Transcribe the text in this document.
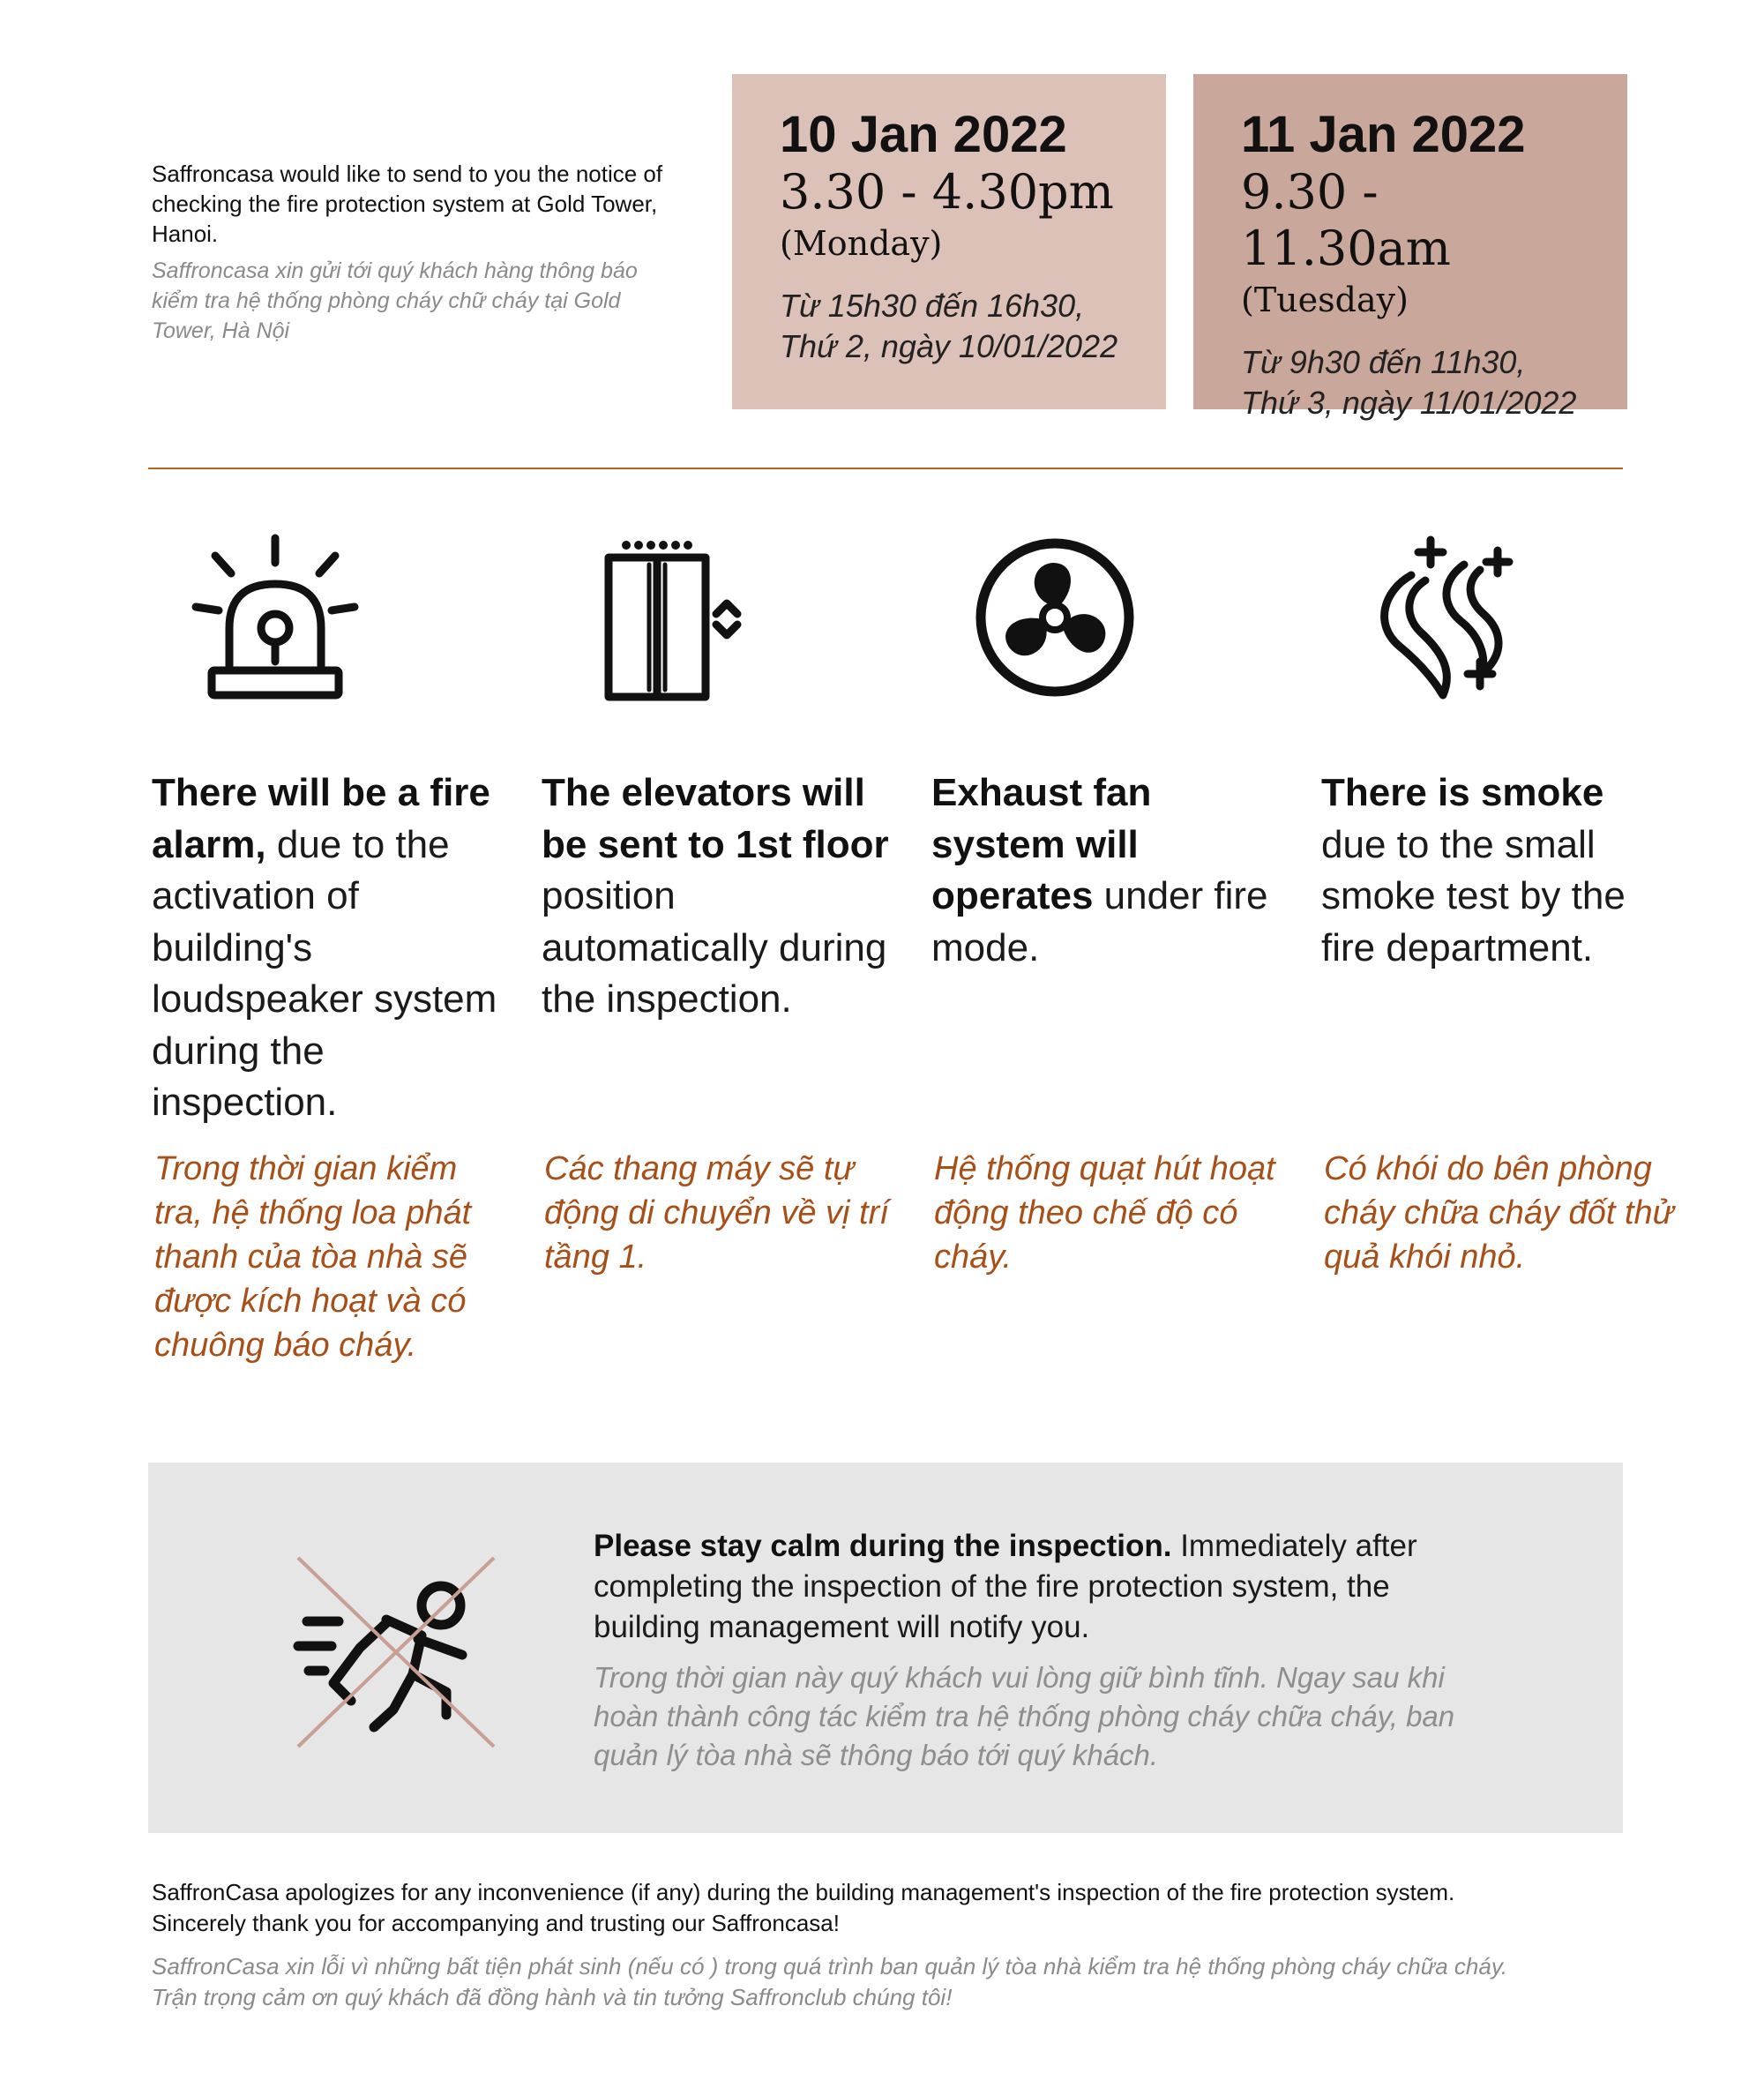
Saffroncasa would like to send to you the notice of checking the fire protection system at Gold Tower, Hanoi.

Saffroncasa xin gửi tới quý khách hàng thông báo kiểm tra hệ thống phòng cháy chữ cháy tại Gold Tower, Hà Nội

10 Jan 2022

3.30 - 4.30pm

(Monday)

Từ 15h30 đến 16h30,

Thứ 2, ngày 10/01/2022

11 Jan 2022

9.30 - 11.30am

(Tuesday)

Từ 9h30 đến 11h30,

Thứ 3, ngày 11/01/2022

There will be a fire alarm, due to the activation of building's loudspeaker system during the inspection.

Trong thời gian kiểm tra, hệ thống loa phát thanh của tòa nhà sẽ được kích hoạt và có chuông báo cháy.

The elevators will be sent to 1st floor position automatically during the inspection.

Các thang máy sẽ tự động di chuyển về vị trí tầng 1.

Exhaust fan system will operates under fire mode.

Hệ thống quạt hút hoạt động theo chế độ có cháy.

There is smoke due to the small smoke test by the fire department.

Có khói do bên phòng cháy chữa cháy đốt thử quả khói nhỏ.

Please stay calm during the inspection. Immediately after completing the inspection of the fire protection system, the building management will notify you.

Trong thời gian này quý khách vui lòng giữ bình tĩnh. Ngay sau khi hoàn thành công tác kiểm tra hệ thống phòng cháy chữa cháy, ban quản lý tòa nhà sẽ thông báo tới quý khách.

SaffronCasa apologizes for any inconvenience (if any) during the building management's inspection of the fire protection system. Sincerely thank you for accompanying and trusting our Saffroncasa!

SaffronCasa xin lỗi vì những bất tiện phát sinh (nếu có ) trong quá trình ban quản lý tòa nhà kiểm tra hệ thống phòng cháy chữa cháy. Trận trọng cảm ơn quý khách đã đồng hành và tin tưởng Saffronclub chúng tôi!
